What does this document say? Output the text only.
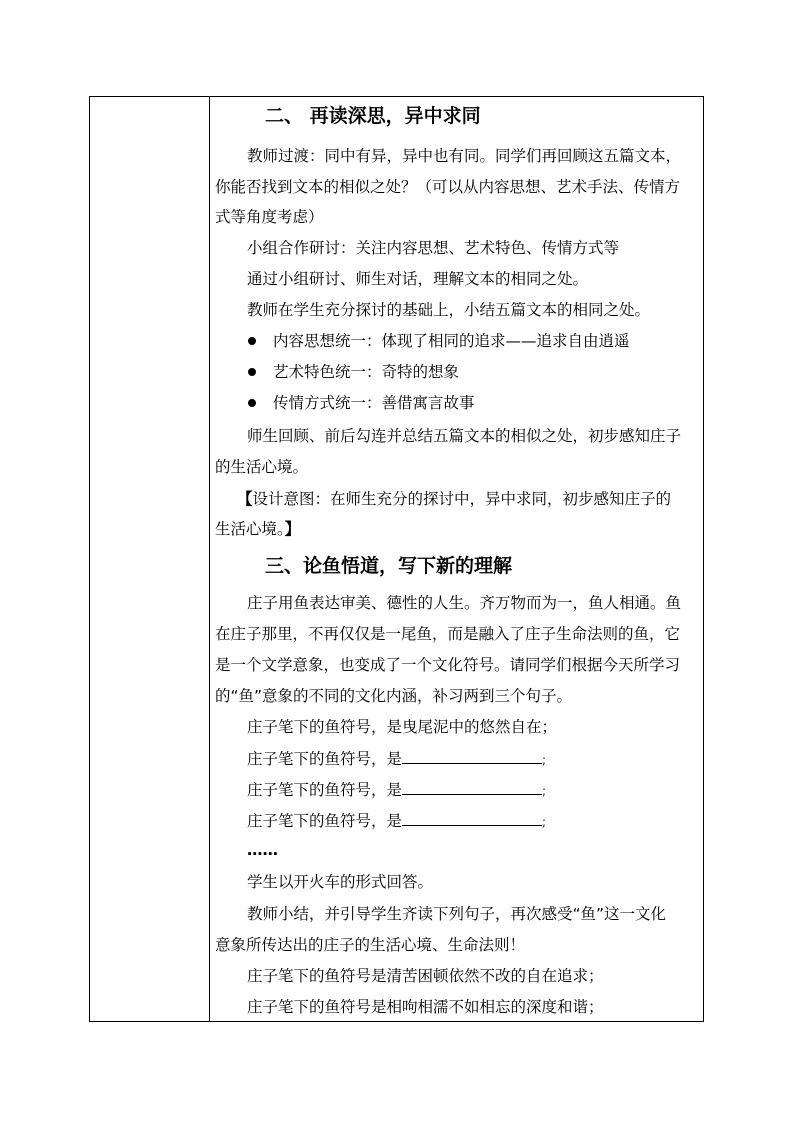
二、 再读深思，异中求同
教师过渡：同中有异，异中也有同。同学们再回顾这五篇文本，
你能否找到文本的相似之处？（可以从内容思想、艺术手法、传情方
式等角度考虑）
小组合作研讨：关注内容思想、艺术特色、传情方式等
通过小组研讨、师生对话，理解文本的相同之处。
教师在学生充分探讨的基础上，小结五篇文本的相同之处。
内容思想统一：体现了相同的追求——追求自由逍遥
艺术特色统一：奇特的想象
传情方式统一：善借寓言故事
师生回顾、前后勾连并总结五篇文本的相似之处，初步感知庄子
的生活心境。
【设计意图：在师生充分的探讨中，异中求同，初步感知庄子的
生活心境。】
三、论鱼悟道，写下新的理解
庄子用鱼表达审美、德性的人生。齐万物而为一，鱼人相通。鱼
在庄子那里，不再仅仅是一尾鱼，而是融入了庄子生命法则的鱼，它
是一个文学意象，也变成了一个文化符号。请同学们根据今天所学习
的“鱼”意象的不同的文化内涵，补习两到三个句子。
庄子笔下的鱼符号，是曳尾泥中的悠然自在；
庄子笔下的鱼符号，是	;
庄子笔下的鱼符号，是	;
庄子笔下的鱼符号，是	;
……
学生以开火车的形式回答。
教师小结，并引导学生齐读下列句子，再次感受“鱼”这一文化
意象所传达出的庄子的生活心境、生命法则！
庄子笔下的鱼符号是清苦困顿依然不改的自在追求；
庄子笔下的鱼符号是相呴相濡不如相忘的深度和谐；
